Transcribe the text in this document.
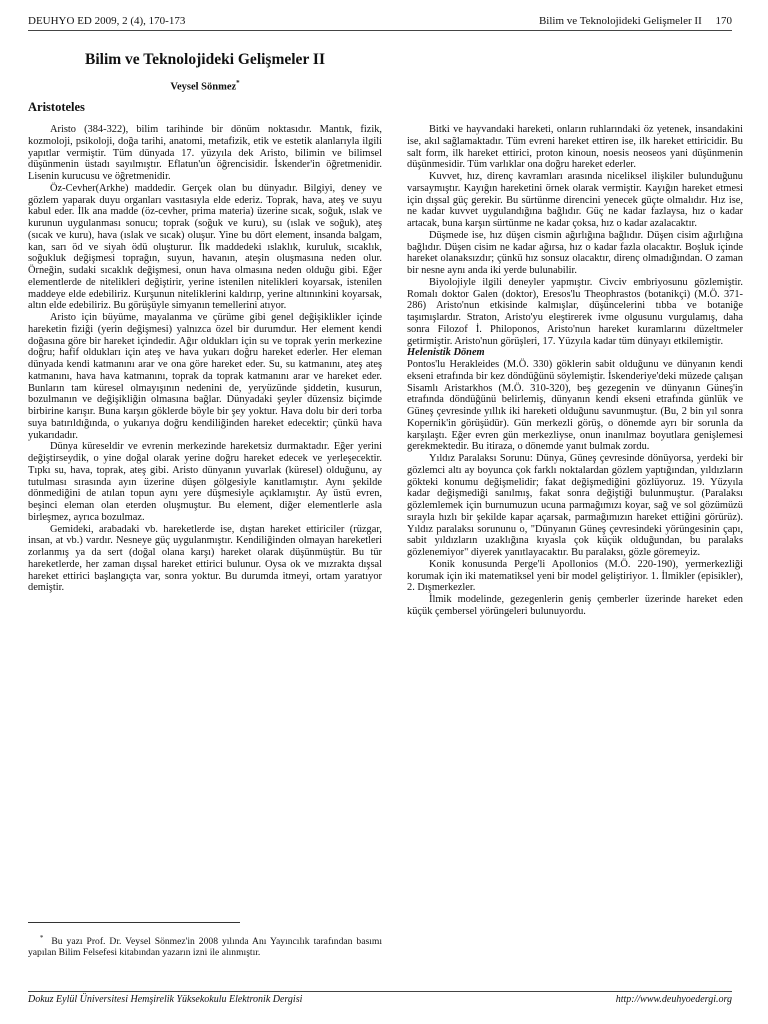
DEUHYO ED 2009, 2 (4), 170-173	Bilim ve Teknolojideki Gelişmeler II 170
Bilim ve Teknolojideki Gelişmeler II
Veysel Sönmez*
Aristoteles

Aristo (384-322), bilim tarihinde bir dönüm noktasıdır. Mantık, fizik, kozmoloji, psikoloji, doğa tarihi, anatomi, metafizik, etik ve estetik alanlarıyla ilgili yapıtlar vermiştir. Tüm dünyada 17. yüzyıla dek Aristo, bilimin ve bilimsel düşünmenin üstadı sayılmıştır. Eflatun'un öğrencisidir. İskender'in öğretmenidir. Lisenin kurucusu ve öğretmenidir.

Öz-Cevher(Arkhe) maddedir. Gerçek olan bu dünyadır. Bilgiyi, deney ve gözlem yaparak duyu organları vasıtasıyla elde ederiz. Toprak, hava, ateş ve suyu kabul eder. İlk ana madde (öz-cevher, prima materia) üzerine sıcak, soğuk, ıslak ve kurunun uygulanması sonucu; toprak (soğuk ve kuru), su (ıslak ve soğuk), ateş (sıcak ve kuru), hava (ıslak ve sıcak) oluşur. Yine bu dört element, insanda balgam, kan, sarı öd ve siyah ödü oluşturur. İlk maddedeki ıslaklık, kuruluk, sıcaklık, soğukluk değişmesi toprağın, suyun, havanın, ateşin oluşmasına neden olur. Örneğin, sudaki sıcaklık değişmesi, onun hava olmasına neden olduğu gibi. Eğer elementlerde de nitelikleri değiştirir, yerine istenilen nitelikleri koyarsak, istenilen maddeye elde edebiliriz. Kurşunun niteliklerini kaldırıp, yerine altınınkini koyarsak, altın elde edebiliriz. Bu görüşüyle simyanın temellerini atıyor.

Aristo için büyüme, mayalanma ve çürüme gibi genel değişiklikler içinde hareketin fiziği (yerin değişmesi) yalnızca özel bir durumdur. Her element kendi doğasına göre bir hareket içindedir. Ağır oldukları için su ve toprak yerin merkezine doğru; hafif oldukları için ateş ve hava yukarı doğru hareket ederler. Her eleman dünyada kendi katmanını arar ve ona göre hareket eder. Su, su katmanını, ateş ateş katmanını, hava hava katmanını, toprak da toprak katmanını arar ve hareket eder. Bunların tam küresel olmayışının nedenini de, yeryüzünde şiddetin, kusurun, bozulmanın ve değişikliğin olmasına bağlar. Dünyadaki şeyler düzensiz biçimde birbirine karışır. Buna karşın göklerde böyle bir şey yoktur. Hava dolu bir deri torba suya batırıldığında, o yukarıya doğru kendiliğinden hareket edecektir; çünkü hava yukarıdadır.

Dünya küreseldir ve evrenin merkezinde hareketsiz durmaktadır. Eğer yerini değiştirseydik, o yine doğal olarak yerine doğru hareket edecek ve yerleşecektir. Tıpkı su, hava, toprak, ateş gibi. Aristo dünyanın yuvarlak (küresel) olduğunu, ay tutulması sırasında ayın üzerine düşen gölgesiyle kanıtlamıştır. Aynı şekilde dönmediğini de atılan topun aynı yere düşmesiyle açıklamıştır. Ay üstü evren, beşinci eleman olan eterden oluşmuştur. Bu element, diğer elementlerle asla birleşmez, ayrıca bozulmaz.

Gemideki, arabadaki vb. hareketlerde ise, dıştan hareket ettiriciler (rüzgar, insan, at vb.) vardır. Nesneye güç uygulanmıştır. Kendiliğinden olmayan hareketleri zorlanmış ya da sert (doğal olana karşı) hareket olarak düşünmüştür. Bu tür hareketlerde, her zaman dışsal hareket ettirici bulunur. Oysa ok ve mızrakta dışsal hareket ettirici başlangıçta var, sonra yoktur. Bu durumda itmeyi, ortam yaratıyor demiştir.

Bitki ve hayvandaki hareketi, onların ruhlarındaki öz yetenek, insandakini ise, akıl sağlamaktadır. Tüm evreni hareket ettiren ise, ilk hareket ettiricidir. Bu salt form, ilk hareket ettirici, proton kinoun, noesis neoseos yani düşünmenin düşünmesidir. Tüm varlıklar ona doğru hareket ederler.

Kuvvet, hız, direnç kavramları arasında niceliksel ilişkiler bulunduğunu varsaymıştır. Kayığın hareketini örnek olarak vermiştir. Kayığın hareket etmesi için dışsal güç gerekir. Bu sürtünme direncini yenecek güçte olmalıdır. Hız ise, ne kadar kuvvet uygulandığına bağlıdır. Güç ne kadar fazlaysa, hız o kadar artacak, buna karşın sürtünme ne kadar çoksa, hız o kadar azalacaktır.

Düşmede ise, hız düşen cismin ağırlığına bağlıdır. Düşen cisim ağırlığına bağlıdır. Düşen cisim ne kadar ağırsa, hız o kadar fazla olacaktır. Boşluk içinde hareket olanaksızdır; çünkü hız sonsuz olacaktır, direnç olmadığından. O zaman bir nesne aynı anda iki yerde bulunabilir.

Biyolojiyle ilgili deneyler yapmıştır. Civciv embriyosunu gözlemiştir. Romalı doktor Galen (doktor), Eresos'lu Theophrastos (botanikçi) (M.Ö. 371-286) Aristo'nun etkisinde kalmışlar, düşüncelerini tıbba ve botaniğe taşımışlardır. Straton, Aristo'yu eleştirerek ivme olgusunu vurgulamış, daha sonra Filozof İ. Philoponos, Aristo'nun hareket kuramlarını düzeltmeler getirmiştir. Aristo'nun görüşleri, 17. Yüzyıla kadar tüm dünyayı etkilemiştir.

Helenistik Dönem

Pontos'lu Herakleides (M.Ö. 330) göklerin sabit olduğunu ve dünyanın kendi ekseni etrafında bir kez döndüğünü söylemiştir. İskenderiye'deki müzede çalışan Sisamlı Aristarkhos (M.Ö. 310-320), beş gezegenin ve dünyanın Güneş'in etrafında döndüğünü belirlemiş, dünyanın kendi ekseni etrafında günlük ve Güneş çevresinde yıllık iki hareketi olduğunu savunmuştur. (Bu, 2 bin yıl sonra Kopernik'in görüşüdür). Gün merkezli görüş, o dönemde ayrı bir sorunla da karşılaştı. Eğer evren gün merkezliyse, onun inanılmaz boyutlara genişlemesi gerekmektedir. Bu itiraza, o dönemde yanıt bulmak zordu.

Yıldız Paralaksı Sorunu: Dünya, Güneş çevresinde dönüyorsa, yerdeki bir gözlemci altı ay boyunca çok farklı noktalardan gözlem yaptığından, yıldızların gökteki konumu değişmelidir; fakat değişmediğini gözlüyoruz. 19. Yüzyıla kadar değişmediği sanılmış, fakat sonra değiştiği bulunmuştur. (Paralaksı gözlemlemek için burnumuzun ucuna parmağımızı koyar, sağ ve sol gözümüzü sırayla hızlı bir şekilde kapar açarsak, parmağımızın hareket ettiğini görürüz). Yıldız paralaksı sorununu o, "Dünyanın Güneş çevresindeki yörüngesinin çapı, sabit yıldızların uzaklığına kıyasla çok küçük olduğundan, bu paralaks gözlenemiyor" diyerek yanıtlayacaktır. Bu paralaksı, gözle göremeyiz.

Konik konusunda Perge'li Apollonios (M.Ö. 220-190), yermerkezliği korumak için iki matematiksel yeni bir model geliştiriyor. 1. İlmikler (episikler), 2. Dışmerkezler.

İlmik modelinde, gezegenlerin geniş çemberler üzerinde hareket eden küçük çembersel yörüngeleri bulunuyordu.

* Bu yazı Prof. Dr. Veysel Sönmez'in 2008 yılında Anı Yayıncılık tarafından basımı yapılan Bilim Felsefesi kitabından yazarın izni ile alınmıştır.
Dokuz Eylül Üniversitesi Hemşirelik Yüksekokulu Elektronik Dergisi	http://www.deuhyoedergi.org
